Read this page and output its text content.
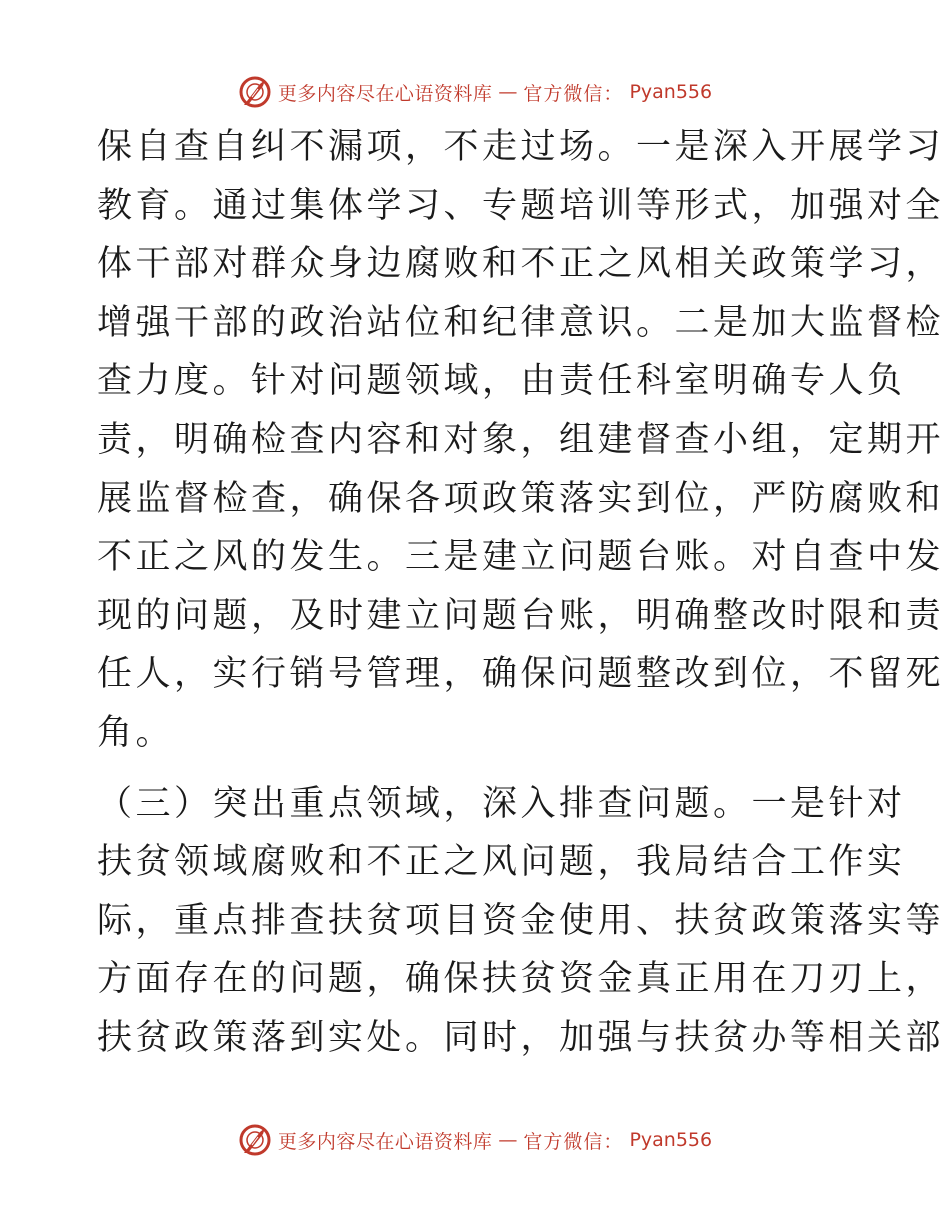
更多内容尽在心语资料库 — 官方微信： Pyan556
保自查自纠不漏项，不走过场。一是深入开展学习
教育。通过集体学习、专题培训等形式，加强对全
体干部对群众身边腐败和不正之风相关政策学习，
增强干部的政治站位和纪律意识。二是加大监督检
查力度。针对问题领域，由责任科室明确专人负
责，明确检查内容和对象，组建督查小组，定期开
展监督检查，确保各项政策落实到位，严防腐败和
不正之风的发生。三是建立问题台账。对自查中发
现的问题，及时建立问题台账，明确整改时限和责
任人，实行销号管理，确保问题整改到位，不留死
角。
（三）突出重点领域，深入排查问题。一是针对
扶贫领域腐败和不正之风问题，我局结合工作实
际，重点排查扶贫项目资金使用、扶贫政策落实等
方面存在的问题，确保扶贫资金真正用在刀刃上，
扶贫政策落到实处。同时，加强与扶贫办等相关部
更多内容尽在心语资料库 — 官方微信： Pyan556
